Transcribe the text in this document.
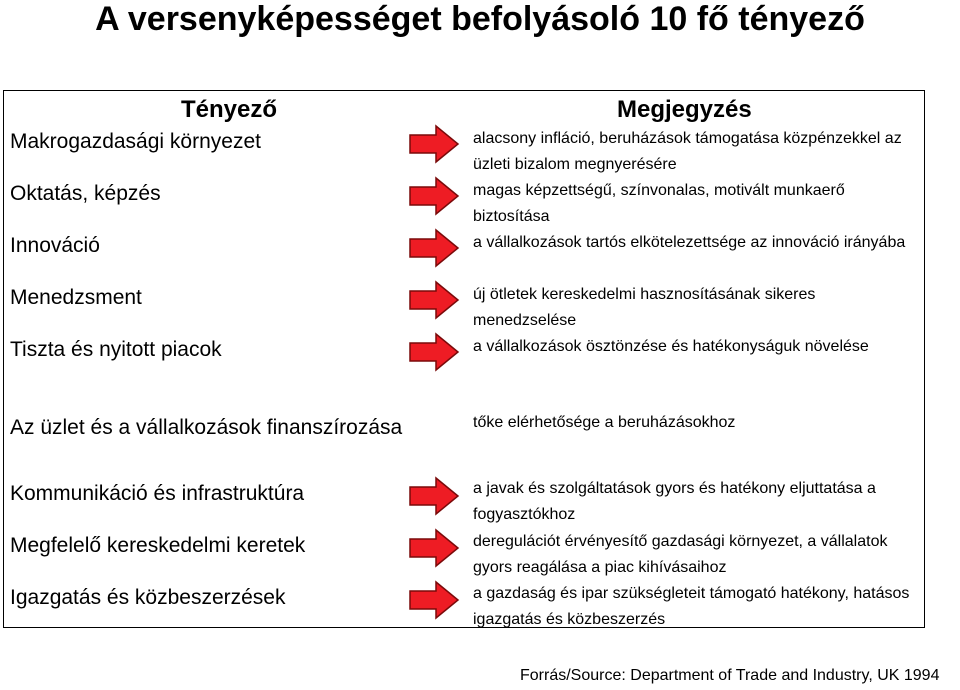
A versenyképességet befolyásoló 10 fő tényező
Tényező	Megjegyzés
Makrogazdasági környezet	alacsony infláció, beruházások támogatása közpénzekkel az üzleti bizalom megnyerésére
Oktatás, képzés	magas képzettségű, színvonalas, motivált munkaerő biztosítása
Innováció	a vállalkozások tartós elkötelezettsége az innováció irányába
Menedzsment	új ötletek kereskedelmi hasznosításának sikeres menedzselése
Tiszta és nyitott piacok	a vállalkozások ösztönzése és hatékonyságuk növelése
Az üzlet és a vállalkozások finanszírozása	tőke elérhetősége a beruházásokhoz
Kommunikáció és infrastruktúra	a javak és szolgáltatások gyors és hatékony eljuttatása a fogyasztókhoz
Megfelelő kereskedelmi keretek	deregulációt érvényesítő gazdasági környezet, a vállalatok gyors reagálása a piac kihívásaihoz
Igazgatás és közbeszerzések	a gazdaság és ipar szükségleteit támogató hatékony, hatásos igazgatás és közbeszerzés
Forrás/Source: Department of Trade and Industry, UK 1994
